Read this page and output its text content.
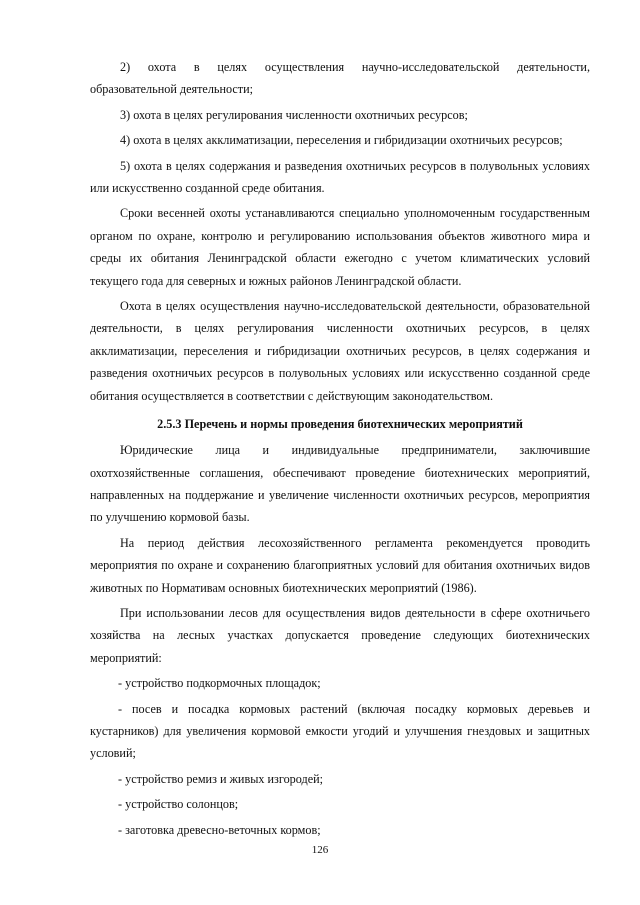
2) охота в целях осуществления научно-исследовательской деятельности, образовательной деятельности;

3) охота в целях регулирования численности охотничьих ресурсов;

4) охота в целях акклиматизации, переселения и гибридизации охотничьих ресурсов;

5) охота в целях содержания и разведения охотничьих ресурсов в полувольных условиях или искусственно созданной среде обитания.

Сроки весенней охоты устанавливаются специально уполномоченным государственным органом по охране, контролю и регулированию использования объектов животного мира и среды их обитания Ленинградской области ежегодно с учетом климатических условий текущего года для северных и южных районов Ленинградской области.

Охота в целях осуществления научно-исследовательской деятельности, образовательной деятельности, в целях регулирования численности охотничьих ресурсов, в целях акклиматизации, переселения и гибридизации охотничьих ресурсов, в целях содержания и разведения охотничьих ресурсов в полувольных условиях или искусственно созданной среде обитания осуществляется в соответствии с действующим законодательством.

2.5.3 Перечень и нормы проведения биотехнических мероприятий

Юридические лица и индивидуальные предприниматели, заключившие охотхозяйственные соглашения, обеспечивают проведение биотехнических мероприятий, направленных на поддержание и увеличение численности охотничьих ресурсов, мероприятия по улучшению кормовой базы.

На период действия лесохозяйственного регламента рекомендуется проводить мероприятия по охране и сохранению благоприятных условий для обитания охотничьих видов животных по Нормативам основных биотехнических мероприятий (1986).

При использовании лесов для осуществления видов деятельности в сфере охотничьего хозяйства на лесных участках допускается проведение следующих биотехнических мероприятий:

- устройство подкормочных площадок;

- посев и посадка кормовых растений (включая посадку кормовых деревьев и кустарников) для увеличения кормовой емкости угодий и улучшения гнездовых и защитных условий;

- устройство ремиз и живых изгородей;

- устройство солонцов;

- заготовка древесно-веточных кормов;

126
